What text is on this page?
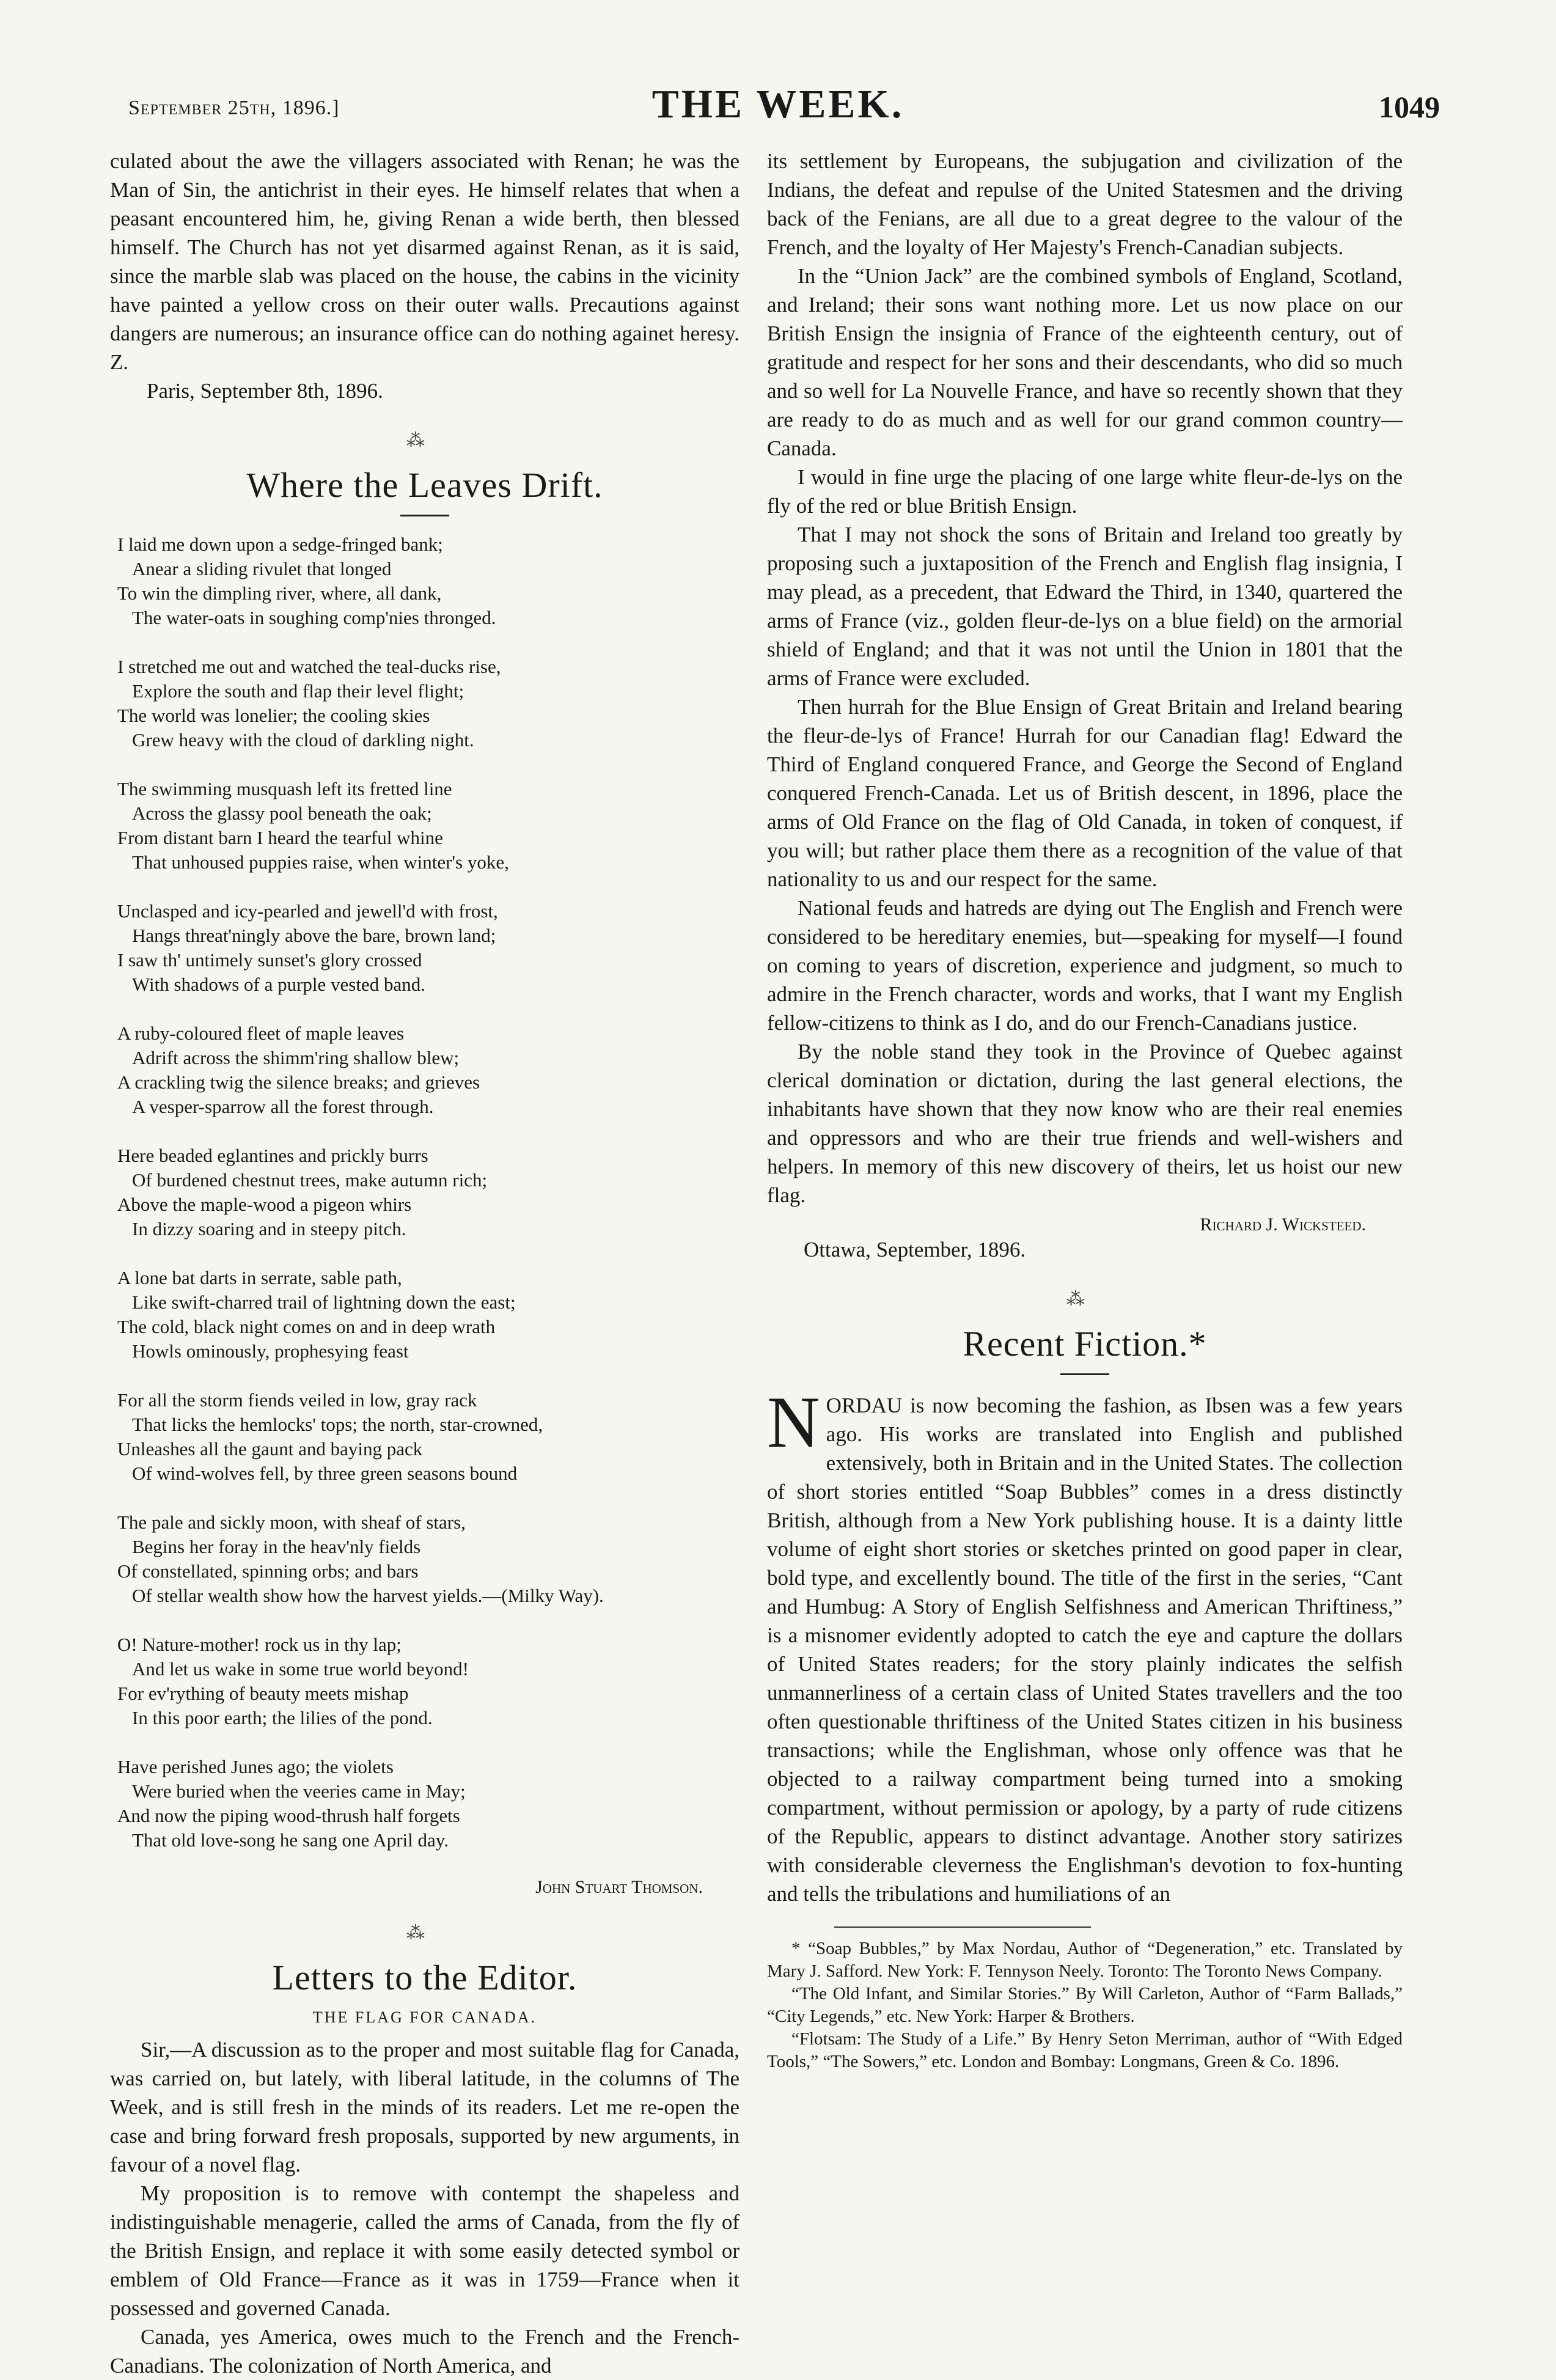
September 25th, 1896.]	THE WEEK.	1049

culated about the awe the villagers associated with Renan; he was the Man of Sin, the antichrist in their eyes. He himself relates that when a peasant encountered him, he, giving Renan a wide berth, then blessed himself. The Church has not yet disarmed against Renan, as it is said, since the marble slab was placed on the house, the cabins in the vicinity have painted a yellow cross on their outer walls. Precautions against dangers are numerous; an insurance office can do nothing againet heresy. Z.

Paris, September 8th, 1896.
⁂
Where the Leaves Drift.
I laid me down upon a sedge-fringed bank;
Anear a sliding rivulet that longed
To win the dimpling river, where, all dank,
The water-oats in soughing comp'nies thronged.
I stretched me out and watched the teal-ducks rise,
Explore the south and flap their level flight;
The world was lonelier; the cooling skies
Grew heavy with the cloud of darkling night.
The swimming musquash left its fretted line
Across the glassy pool beneath the oak;
From distant barn I heard the tearful whine
That unhoused puppies raise, when winter's yoke,
Unclasped and icy-pearled and jewell'd with frost,
Hangs threat'ningly above the bare, brown land;
I saw th' untimely sunset's glory crossed
With shadows of a purple vested band.
A ruby-coloured fleet of maple leaves
Adrift across the shimm'ring shallow blew;
A crackling twig the silence breaks; and grieves
A vesper-sparrow all the forest through.
Here beaded eglantines and prickly burrs
Of burdened chestnut trees, make autumn rich;
Above the maple-wood a pigeon whirs
In dizzy soaring and in steepy pitch.
A lone bat darts in serrate, sable path,
Like swift-charred trail of lightning down the east;
The cold, black night comes on and in deep wrath
Howls ominously, prophesying feast
For all the storm fiends veiled in low, gray rack
That licks the hemlocks' tops; the north, star-crowned,
Unleashes all the gaunt and baying pack
Of wind-wolves fell, by three green seasons bound
The pale and sickly moon, with sheaf of stars,
Begins her foray in the heav'nly fields
Of constellated, spinning orbs; and bars
Of stellar wealth show how the harvest yields.—(Milky Way).
O! Nature-mother! rock us in thy lap;
And let us wake in some true world beyond!
For ev'rything of beauty meets mishap
In this poor earth; the lilies of the pond.
Have perished Junes ago; the violets
Were buried when the veeries came in May;
And now the piping wood-thrush half forgets
That old love-song he sang one April day.
John Stuart Thomson.
⁂
Letters to the Editor.
THE FLAG FOR CANADA.

Sir,—A discussion as to the proper and most suitable flag for Canada, was carried on, but lately, with liberal latitude, in the columns of The Week, and is still fresh in the minds of its readers. Let me re-open the case and bring forward fresh proposals, supported by new arguments, in favour of a novel flag.

My proposition is to remove with contempt the shapeless and indistinguishable menagerie, called the arms of Canada, from the fly of the British Ensign, and replace it with some easily detected symbol or emblem of Old France—France as it was in 1759—France when it possessed and governed Canada.

Canada, yes America, owes much to the French and the French-Canadians. The colonization of North America, and

its settlement by Europeans, the subjugation and civilization of the Indians, the defeat and repulse of the United Statesmen and the driving back of the Fenians, are all due to a great degree to the valour of the French, and the loyalty of Her Majesty's French-Canadian subjects.

In the “Union Jack” are the combined symbols of England, Scotland, and Ireland; their sons want nothing more. Let us now place on our British Ensign the insignia of France of the eighteenth century, out of gratitude and respect for her sons and their descendants, who did so much and so well for La Nouvelle France, and have so recently shown that they are ready to do as much and as well for our grand common country—Canada.

I would in fine urge the placing of one large white fleur-de-lys on the fly of the red or blue British Ensign.

That I may not shock the sons of Britain and Ireland too greatly by proposing such a juxtaposition of the French and English flag insignia, I may plead, as a precedent, that Edward the Third, in 1340, quartered the arms of France (viz., golden fleur-de-lys on a blue field) on the armorial shield of England; and that it was not until the Union in 1801 that the arms of France were excluded.

Then hurrah for the Blue Ensign of Great Britain and Ireland bearing the fleur-de-lys of France! Hurrah for our Canadian flag! Edward the Third of England conquered France, and George the Second of England conquered French-Canada. Let us of British descent, in 1896, place the arms of Old France on the flag of Old Canada, in token of conquest, if you will; but rather place them there as a recognition of the value of that nationality to us and our respect for the same.

National feuds and hatreds are dying out The English and French were considered to be hereditary enemies, but—speaking for myself—I found on coming to years of discretion, experience and judgment, so much to admire in the French character, words and works, that I want my English fellow-citizens to think as I do, and do our French-Canadians justice.

By the noble stand they took in the Province of Quebec against clerical domination or dictation, during the last general elections, the inhabitants have shown that they now know who are their real enemies and oppressors and who are their true friends and well-wishers and helpers. In memory of this new discovery of theirs, let us hoist our new flag.

Richard J. Wicksteed.
Ottawa, September, 1896.
⁂
Recent Fiction.*

NORDAU is now becoming the fashion, as Ibsen was a few years ago. His works are translated into English and published extensively, both in Britain and in the United States. The collection of short stories entitled “Soap Bubbles” comes in a dress distinctly British, although from a New York publishing house. It is a dainty little volume of eight short stories or sketches printed on good paper in clear, bold type, and excellently bound. The title of the first in the series, “Cant and Humbug: A Story of English Selfishness and American Thriftiness,” is a misnomer evidently adopted to catch the eye and capture the dollars of United States readers; for the story plainly indicates the selfish unmannerliness of a certain class of United States travellers and the too often questionable thriftiness of the United States citizen in his business transactions; while the Englishman, whose only offence was that he objected to a railway compartment being turned into a smoking compartment, without permission or apology, by a party of rude citizens of the Republic, appears to distinct advantage. Another story satirizes with considerable cleverness the Englishman's devotion to fox-hunting and tells the tribulations and humiliations of an

* “Soap Bubbles,” by Max Nordau, Author of “Degeneration,” etc. Translated by Mary J. Safford. New York: F. Tennyson Neely. Toronto: The Toronto News Company.

“The Old Infant, and Similar Stories.” By Will Carleton, Author of “Farm Ballads,” “City Legends,” etc. New York: Harper & Brothers.

“Flotsam: The Study of a Life.” By Henry Seton Merriman, author of “With Edged Tools,” “The Sowers,” etc. London and Bombay: Longmans, Green & Co. 1896.
